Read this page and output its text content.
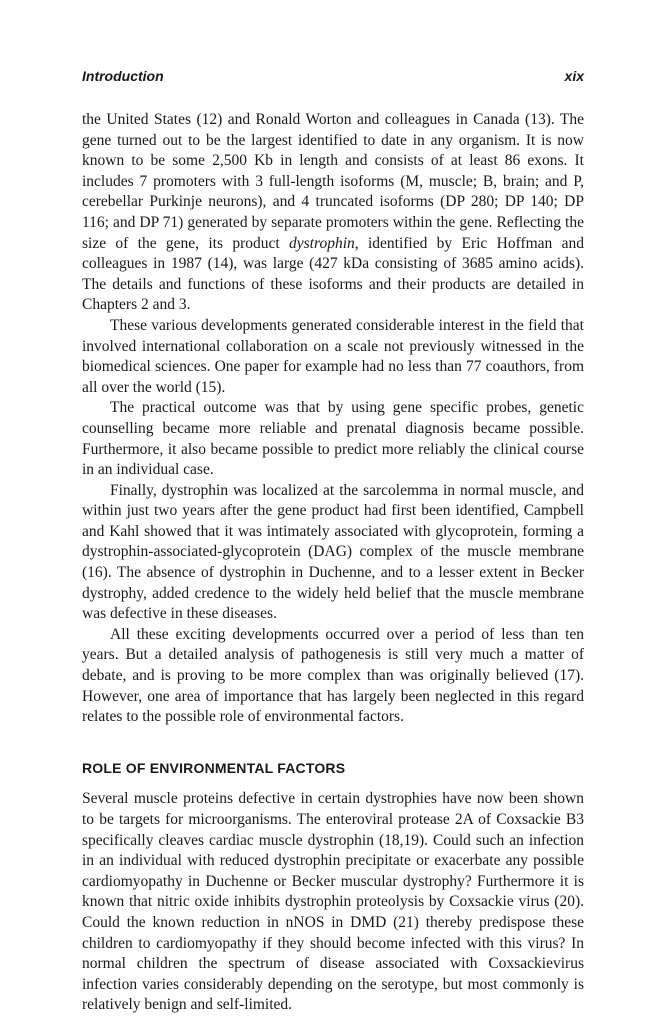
Introduction	xix

the United States (12) and Ronald Worton and colleagues in Canada (13). The gene turned out to be the largest identified to date in any organism. It is now known to be some 2,500 Kb in length and consists of at least 86 exons. It includes 7 promoters with 3 full-length isoforms (M, muscle; B, brain; and P, cerebellar Purkinje neurons), and 4 truncated isoforms (DP 280; DP 140; DP 116; and DP 71) generated by separate promoters within the gene. Reflecting the size of the gene, its product dystrophin, identified by Eric Hoffman and colleagues in 1987 (14), was large (427 kDa consisting of 3685 amino acids). The details and functions of these isoforms and their products are detailed in Chapters 2 and 3.

These various developments generated considerable interest in the field that involved international collaboration on a scale not previously witnessed in the biomedical sciences. One paper for example had no less than 77 coauthors, from all over the world (15).

The practical outcome was that by using gene specific probes, genetic counselling became more reliable and prenatal diagnosis became possible. Furthermore, it also became possible to predict more reliably the clinical course in an individual case.

Finally, dystrophin was localized at the sarcolemma in normal muscle, and within just two years after the gene product had first been identified, Campbell and Kahl showed that it was intimately associated with glycoprotein, forming a dystrophin-associated-glycoprotein (DAG) complex of the muscle membrane (16). The absence of dystrophin in Duchenne, and to a lesser extent in Becker dystrophy, added credence to the widely held belief that the muscle membrane was defective in these diseases.

All these exciting developments occurred over a period of less than ten years. But a detailed analysis of pathogenesis is still very much a matter of debate, and is proving to be more complex than was originally believed (17). However, one area of importance that has largely been neglected in this regard relates to the possible role of environmental factors.

ROLE OF ENVIRONMENTAL FACTORS

Several muscle proteins defective in certain dystrophies have now been shown to be targets for microorganisms. The enteroviral protease 2A of Coxsackie B3 specifically cleaves cardiac muscle dystrophin (18,19). Could such an infection in an individual with reduced dystrophin precipitate or exacerbate any possible cardiomyopathy in Duchenne or Becker muscular dystrophy? Furthermore it is known that nitric oxide inhibits dystrophin proteolysis by Coxsackie virus (20). Could the known reduction in nNOS in DMD (21) thereby predispose these children to cardiomyopathy if they should become infected with this virus? In normal children the spectrum of disease associated with Coxsackievirus infection varies considerably depending on the serotype, but most commonly is relatively benign and self-limited.
